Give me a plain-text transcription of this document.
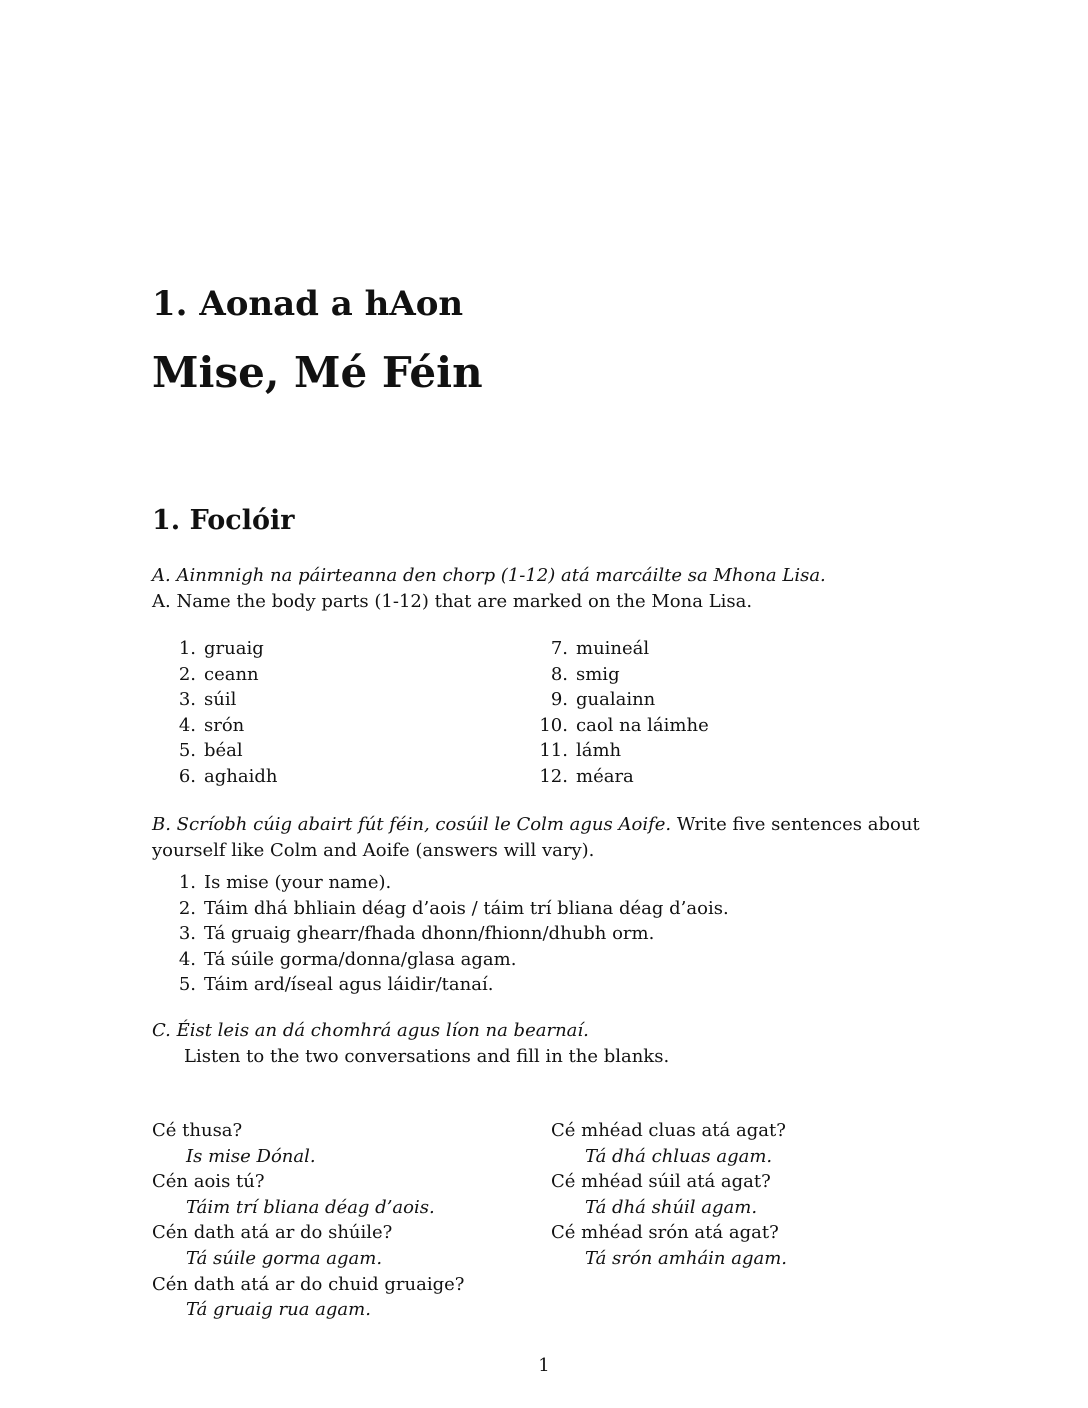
1. Aonad a hAon
Mise, Mé Féin
1. Foclóir
A. Ainmnigh na páirteanna den chorp (1-12) atá marcáilte sa Mhona Lisa.
A. Name the body parts (1-12) that are marked on the Mona Lisa.
1. gruaig
2. ceann
3. súil
4. srón
5. béal
6. aghaidh
7. muineál
8. smig
9. gualainn
10. caol na láimhe
11. lámh
12. méara
B. Scríobh cúig abairt fút féin, cosúil le Colm agus Aoife. Write five sentences about
yourself like Colm and Aoife (answers will vary).
1. Is mise (your name).
2. Táim dhá bhliain déag d’aois / táim trí bliana déag d’aois.
3. Tá gruaig ghearr/fhada dhonn/fhionn/dhubh orm.
4. Tá súile gorma/donna/glasa agam.
5. Táim ard/íseal agus láidir/tanaí.
C. Éist leis an dá chomhrá agus líon na bearnaí.
Listen to the two conversations and fill in the blanks.
Cé thusa?
Is mise Dónal.
Cén aois tú?
Táim trí bliana déag d’aois.
Cén dath atá ar do shúile?
Tá súile gorma agam.
Cén dath atá ar do chuid gruaige?
Tá gruaig rua agam.
Cé mhéad cluas atá agat?
Tá dhá chluas agam.
Cé mhéad súil atá agat?
Tá dhá shúil agam.
Cé mhéad srón atá agat?
Tá srón amháin agam.
1
